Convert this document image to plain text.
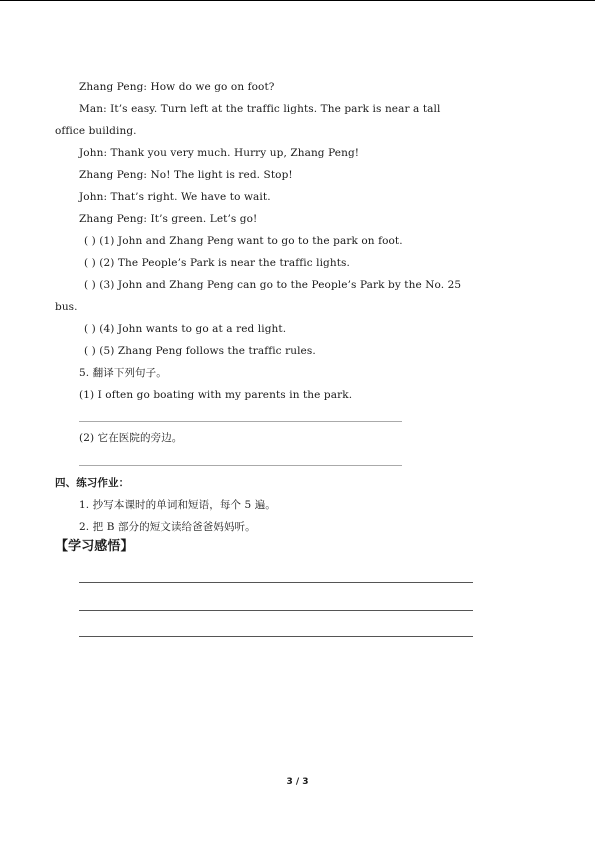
Zhang Peng: How do we go on foot?
Man: It’s easy. Turn left at the traffic lights. The park is near a tall
office building.
John: Thank you very much. Hurry up, Zhang Peng!
Zhang Peng: No! The light is red. Stop!
John: That’s right. We have to wait.
Zhang Peng: It’s green. Let’s go!
( ) (1) John and Zhang Peng want to go to the park on foot.
( ) (2) The People’s Park is near the traffic lights.
( ) (3) John and Zhang Peng can go to the People’s Park by the No. 25
bus.
( ) (4) John wants to go at a red light.
( ) (5) Zhang Peng follows the traffic rules.
5. 翻译下列句子。
(1) I often go boating with my parents in the park.
(2) 它在医院的旁边。
四、练习作业：
1. 抄写本课时的单词和短语，每个 5 遍。
2. 把 B 部分的短文读给爸爸妈妈听。
【学习感悟】
3 / 3
